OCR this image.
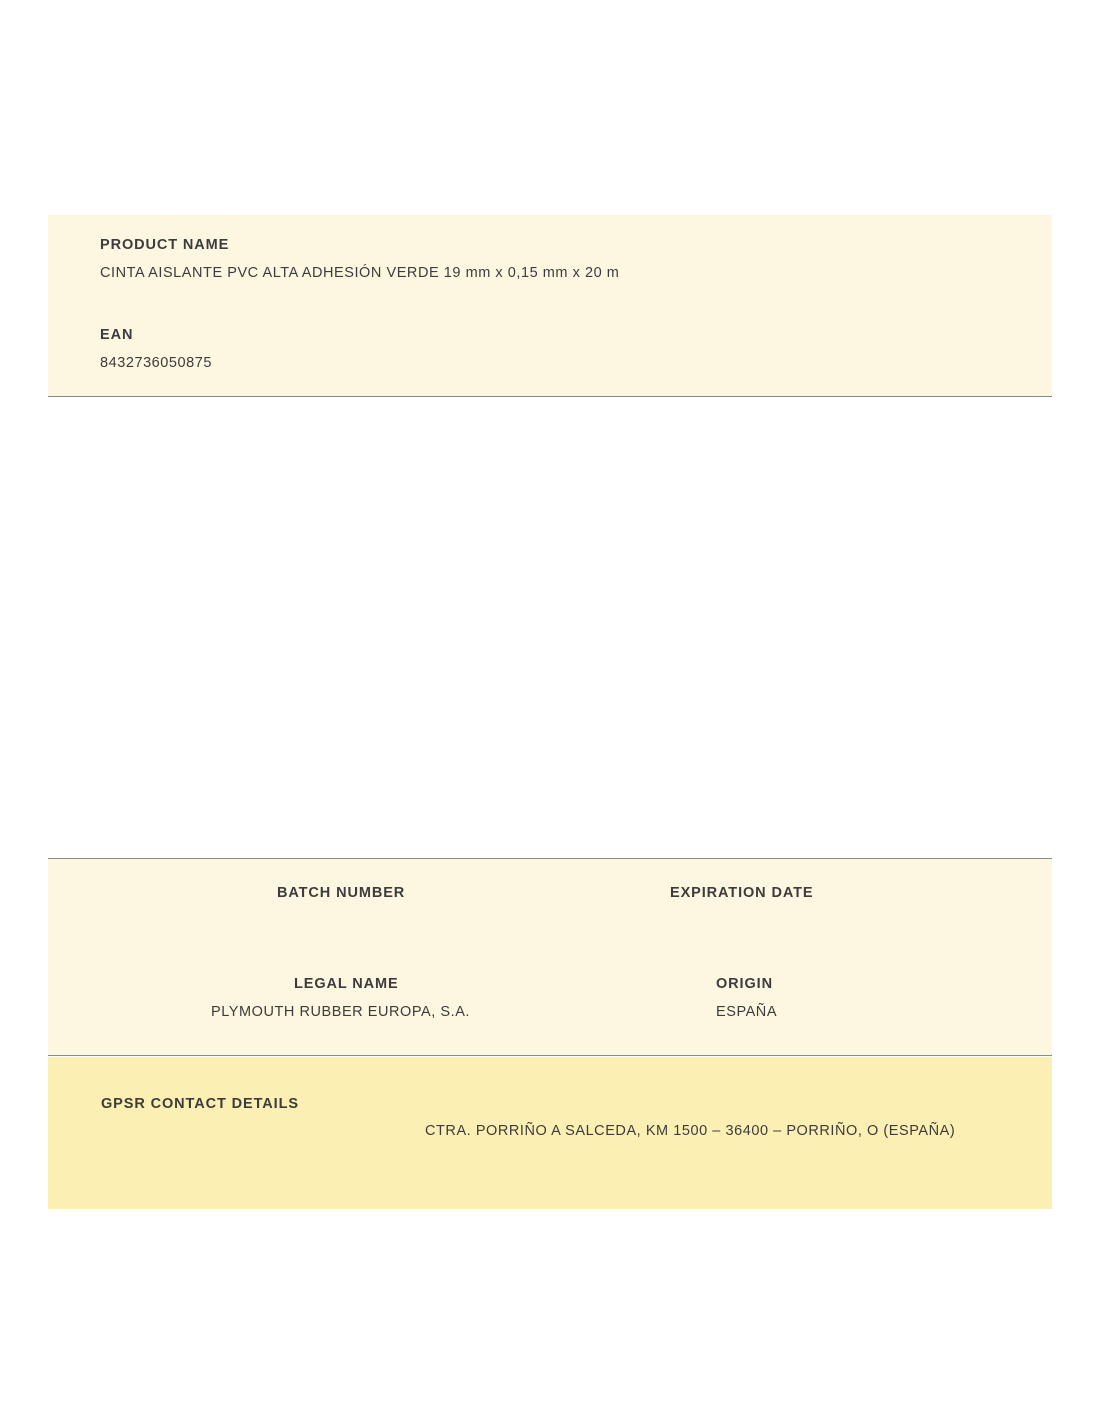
PRODUCT NAME
CINTA AISLANTE PVC ALTA ADHESIÓN VERDE 19 mm x 0,15 mm x 20 m
EAN
8432736050875
BATCH NUMBER	EXPIRATION DATE
LEGAL NAME
PLYMOUTH RUBBER EUROPA, S.A.
ORIGIN
ESPAÑA
GPSR CONTACT DETAILS
CTRA. PORRIÑO A SALCEDA, KM 1500 – 36400 – PORRIÑO, O (ESPAÑA)
